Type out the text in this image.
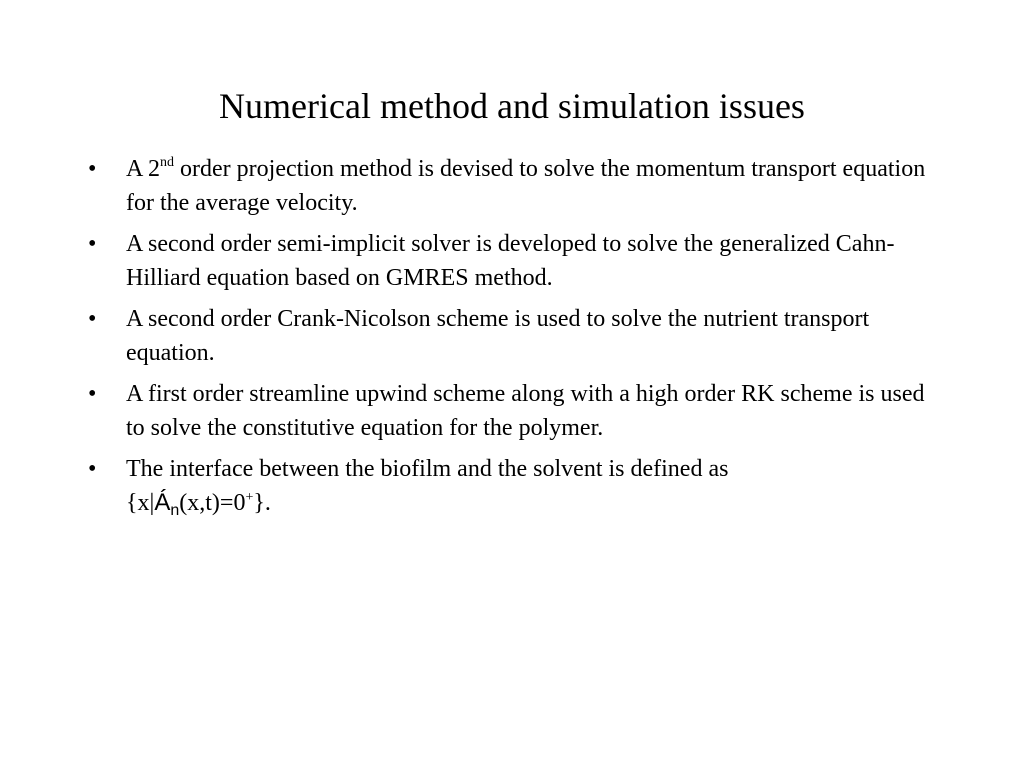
Numerical method and simulation issues
• A 2nd order projection method is devised to solve the momentum transport equation for the average velocity.
• A second order semi-implicit solver is developed to solve the generalized Cahn-Hilliard equation based on GMRES method.
• A second order Crank-Nicolson scheme is used to solve the nutrient transport equation.
• A first order streamline upwind scheme along with a high order RK scheme is used to solve the constitutive equation for the polymer.
• The interface between the biofilm and the solvent is defined as
$\{x|Á_n(x,t)=0^+\}$.
